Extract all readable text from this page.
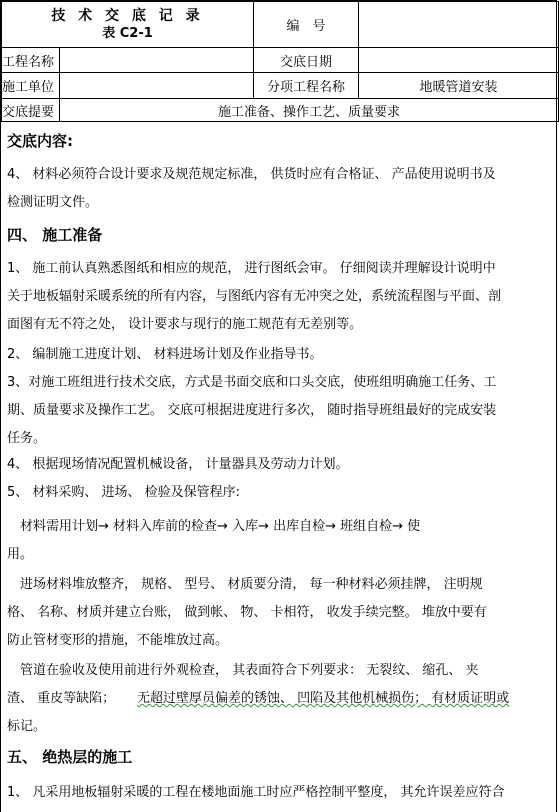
技 术 交 底 记 录
表 C2-1		编　号	
工程名称		交底日期	
施工单位		分项工程名称	地暖管道安装
交底提要	施工准备、操作工艺、质量要求		
交底内容:
4、 材料必须符合设计要求及规范规定标准， 供货时应有合格证、 产品使用说明书及
检测证明文件。
四、 施工准备
1、 施工前认真熟悉图纸和相应的规范， 进行图纸会审。 仔细阅读并理解设计说明中
关于地板辐射采暖系统的所有内容，与图纸内容有无冲突之处，系统流程图与平面、剖
面图有无不符之处， 设计要求与现行的施工规范有无差别等。
2、 编制施工进度计划、 材料进场计划及作业指导书。
3、对施工班组进行技术交底，方式是书面交底和口头交底，使班组明确施工任务、工
期、质量要求及操作工艺。 交底可根据进度进行多次， 随时指导班组最好的完成安装
任务。
4、 根据现场情况配置机械设备， 计量器具及劳动力计划。
5、 材料采购、 进场、 检验及保管程序:
　材料需用计划→ 材料入库前的检查→ 入库→ 出库自检→ 班组自检→ 使
用。
　进场材料堆放整齐， 规格、 型号、 材质要分清， 每一种材料必须挂牌， 注明规
格、 名称、材质并建立台账， 做到帐、 物、 卡相符， 收发手续完整。 堆放中要有
防止管材变形的措施，不能堆放过高。
　管道在验收及使用前进行外观检查， 其表面符合下列要求： 无裂纹、 缩孔、 夹
渣、 重皮等缺陷； 无超过壁厚员偏差的锈蚀、 凹陷及其他机械损伤； 有材质证明或
标记。
五、 绝热层的施工
1、 凡采用地板辐射采暖的工程在楼地面施工时应严格控制平整度， 其允许误差应符合
